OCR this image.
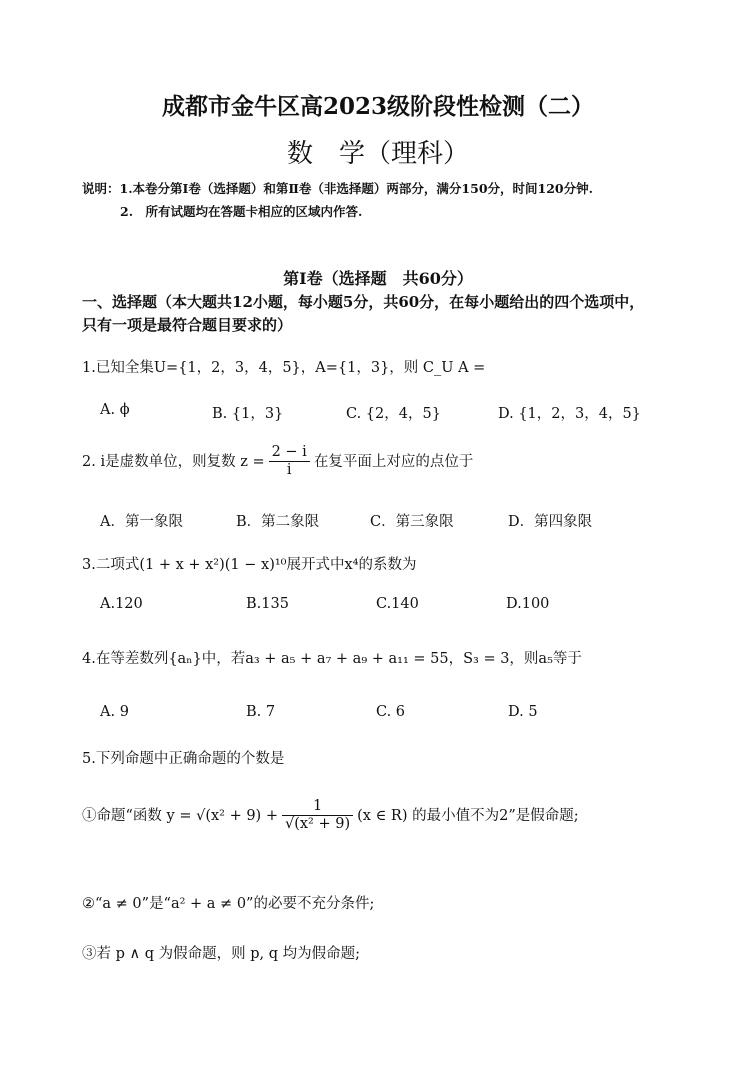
成都市金牛区高2023级阶段性检测（二）
数　学（理科）
说明：1.本卷分第Ⅰ卷（选择题）和第Ⅱ卷（非选择题）两部分，满分150分，时间120分钟.
2.　所有试题均在答题卡相应的区域内作答.
第Ⅰ卷（选择题　共60分）
一、选择题（本大题共12小题，每小题5分，共60分，在每小题给出的四个选项中，
只有一项是最符合题目要求的）
1.已知全集U={1，2，3，4，5}，A={1，3}，则 C_U A =
A. ϕ	B. {1，3}	C. {2，4，5}	D. {1，2，3，4，5}
2. i是虚数单位，则复数 $z = \frac{2 - i}{i}$ 在复平面上对应的点位于
A．第一象限	B．第二象限	C．第三象限	D．第四象限
3.二项式(1 + x + x²)(1 − x)¹⁰展开式中x⁴的系数为
A.120	B.135	C.140	D.100
4.在等差数列{aₙ}中，若a₃ + a₅ + a₇ + a₉ + a₁₁ = 55，S₃ = 3，则a₅等于
A. 9	B. 7	C. 6	D. 5
5.下列命题中正确命题的个数是
①命题“函数 $y = √(x^2 + 9) + \frac{1}{\text{√(x² + 9)}} (x$ ∈ R) 的最小值不为2”是假命题;
②“a ≠ 0”是“a² + a ≠ 0”的必要不充分条件;
③若 p ∧ q 为假命题，则 p, q 均为假命题;
